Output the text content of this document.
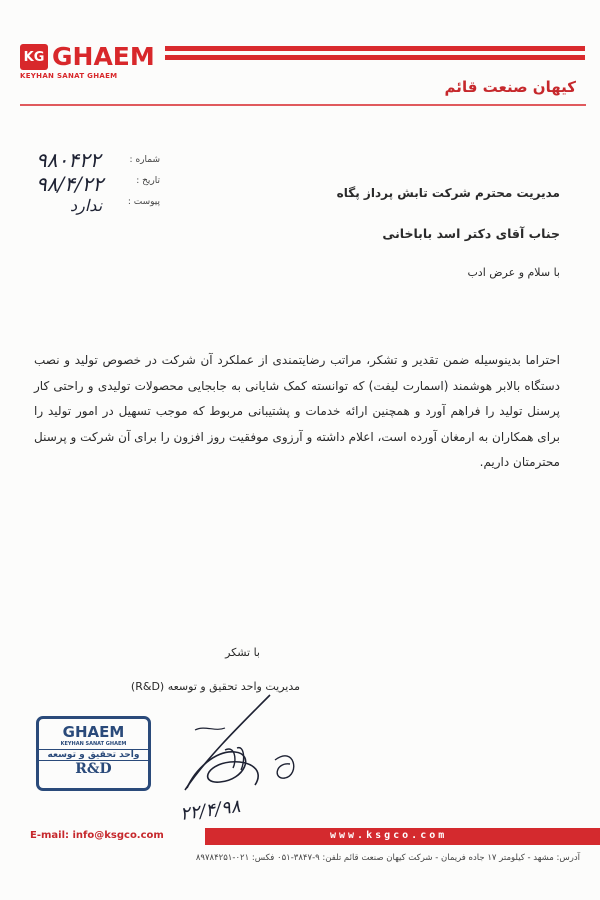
KG GHAEM
KEYHAN SANAT GHAEM
کیهان صنعت قائم
شماره :
تاریخ :
پیوست :
۹۸۰۴۲۲
۹۸/۴/۲۲
ندارد
مدیریت محترم شرکت تابش پرداز پگاه
جناب آقای دکتر اسد باباخانی
با سلام و عرض ادب
احتراما بدینوسیله ضمن تقدیر و تشکر، مراتب رضایتمندی از عملکرد آن شرکت در خصوص تولید و نصب دستگاه بالابر هوشمند (اسمارت لیفت) که توانسته کمک شایانی به جابجایی محصولات تولیدی و راحتی کار پرسنل تولید را فراهم آورد و همچنین ارائه خدمات و پشتیبانی مربوط که موجب تسهیل در امور تولید را برای همکاران به ارمغان آورده است، اعلام داشته و آرزوی موفقیت روز افزون را برای آن شرکت و پرسنل محترمتان داریم.
با تشکر
مدیریت واحد تحقیق و توسعه (R&D)
GHAEM
KEYHAN SANAT GHAEM
واحد تحقیق و توسعه
R&D
۲۲/۴/۹۸
E-mail: info@ksgco.com	www.ksgco.com
آدرس: مشهد - کیلومتر ۱۷ جاده فریمان - شرکت کیهان صنعت قائم تلفن: ۹-۳۸۴۷-۰۵۱ فکس: ۰۲۱-۸۹۷۸۴۲۵۱
